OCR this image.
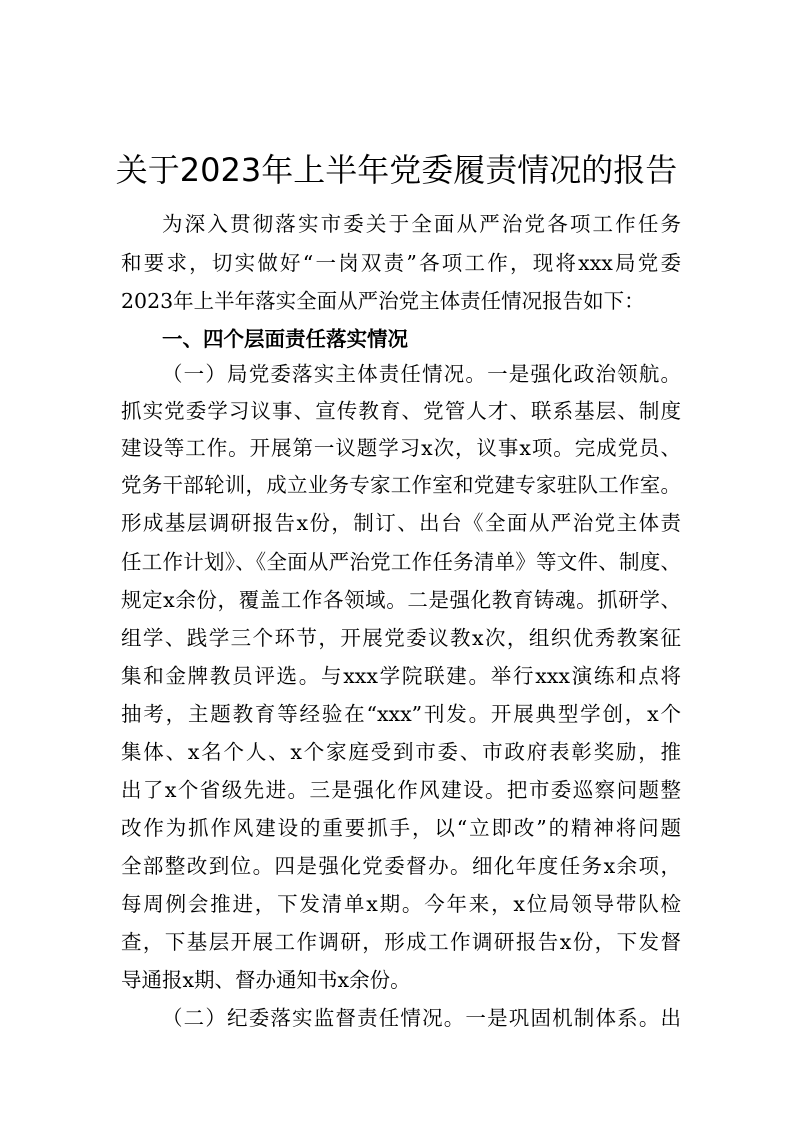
关于2023年上半年党委履责情况的报告

为深入贯彻落实市委关于全面从严治党各项工作任务

和要求，切实做好“一岗双责”各项工作，现将xxx局党委

2023年上半年落实全面从严治党主体责任情况报告如下：

一、四个层面责任落实情况

（一）局党委落实主体责任情况。一是强化政治领航。

抓实党委学习议事、宣传教育、党管人才、联系基层、制度

建设等工作。开展第一议题学习x次，议事x项。完成党员、

党务干部轮训，成立业务专家工作室和党建专家驻队工作室。

形成基层调研报告x份，制订、出台《全面从严治党主体责

任工作计划》、《全面从严治党工作任务清单》等文件、制度、

规定x余份，覆盖工作各领域。二是强化教育铸魂。抓研学、

组学、践学三个环节，开展党委议教x次，组织优秀教案征

集和金牌教员评选。与xxx学院联建。举行xxx演练和点将

抽考，主题教育等经验在“xxx”刊发。开展典型学创，x个

集体、x名个人、x个家庭受到市委、市政府表彰奖励，推

出了x个省级先进。三是强化作风建设。把市委巡察问题整

改作为抓作风建设的重要抓手，以“立即改”的精神将问题

全部整改到位。四是强化党委督办。细化年度任务x余项，

每周例会推进，下发清单x期。今年来，x位局领导带队检

查，下基层开展工作调研，形成工作调研报告x份，下发督

导通报x期、督办通知书x余份。

（二）纪委落实监督责任情况。一是巩固机制体系。出
